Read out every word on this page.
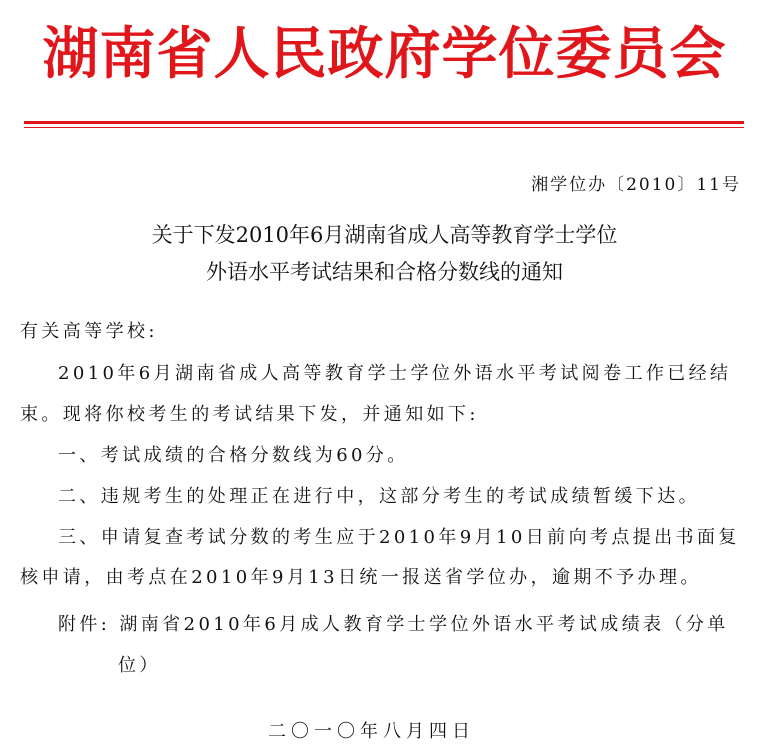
湖南省人民政府学位委员会
湘学位办〔2010〕11号
关于下发2010年6月湖南省成人高等教育学士学位
外语水平考试结果和合格分数线的通知
有关高等学校:
2010年6月湖南省成人高等教育学士学位外语水平考试阅卷工作已经结
束。现将你校考生的考试结果下发，并通知如下:
一、考试成绩的合格分数线为60分。
二、违规考生的处理正在进行中，这部分考生的考试成绩暂缓下达。
三、申请复查考试分数的考生应于2010年9月10日前向考点提出书面复
核申请，由考点在2010年9月13日统一报送省学位办，逾期不予办理。
附件: 湖南省2010年6月成人教育学士学位外语水平考试成绩表（分单
位）
二〇一〇年八月四日
